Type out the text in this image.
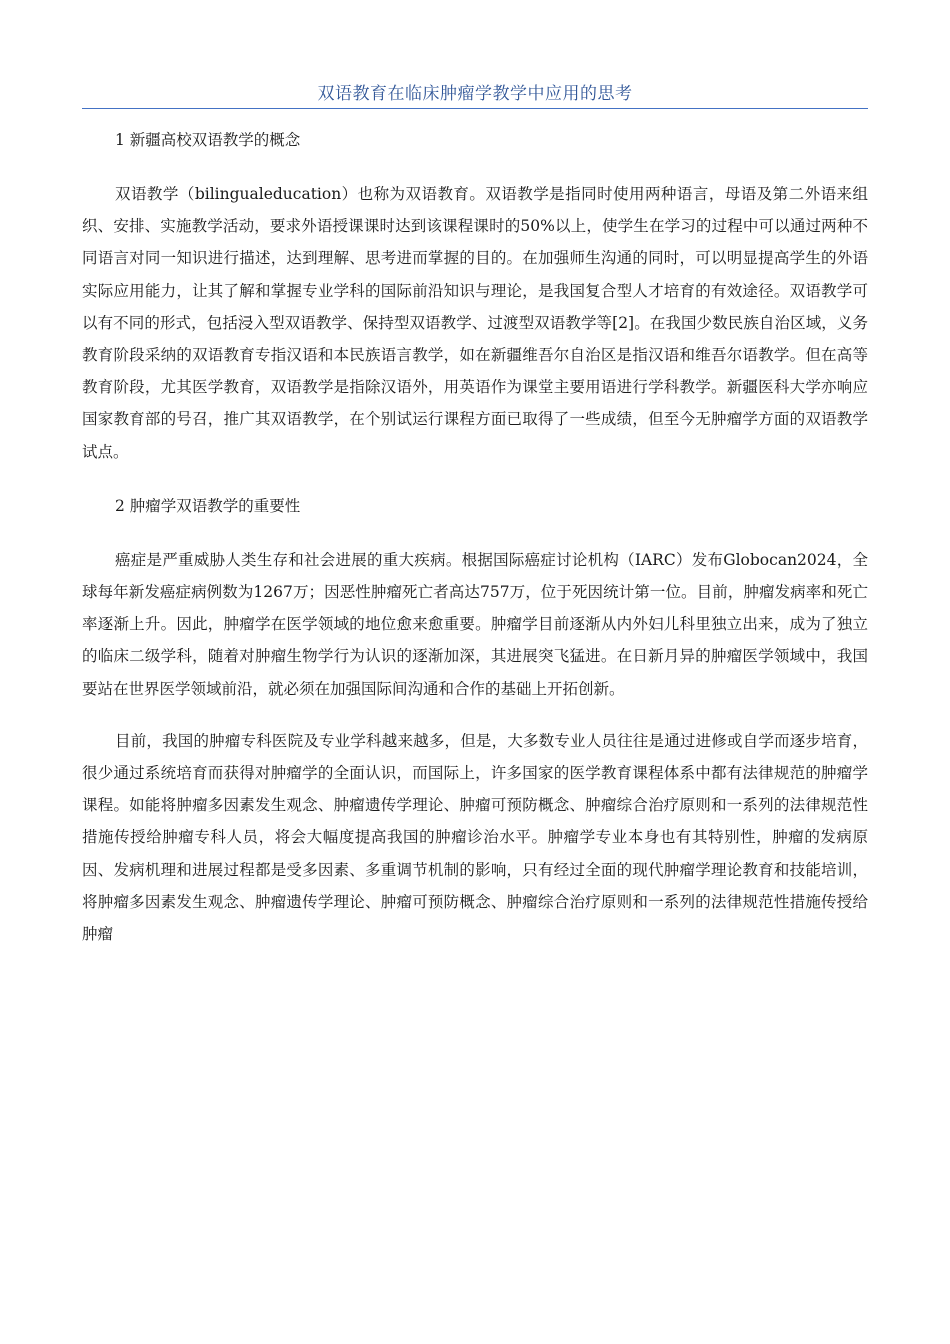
双语教育在临床肿瘤学教学中应用的思考
1 新疆高校双语教学的概念

双语教学（bilingualeducation）也称为双语教育。双语教学是指同时使用两种语言，母语及第二外语来组织、安排、实施教学活动，要求外语授课课时达到该课程课时的50%以上，使学生在学习的过程中可以通过两种不同语言对同一知识进行描述，达到理解、思考进而掌握的目的。在加强师生沟通的同时，可以明显提高学生的外语实际应用能力，让其了解和掌握专业学科的国际前沿知识与理论，是我国复合型人才培育的有效途径。双语教学可以有不同的形式，包括浸入型双语教学、保持型双语教学、过渡型双语教学等[2]。在我国少数民族自治区域，义务教育阶段采纳的双语教育专指汉语和本民族语言教学，如在新疆维吾尔自治区是指汉语和维吾尔语教学。但在高等教育阶段，尤其医学教育，双语教学是指除汉语外，用英语作为课堂主要用语进行学科教学。新疆医科大学亦响应国家教育部的号召，推广其双语教学，在个别试运行课程方面已取得了一些成绩，但至今无肿瘤学方面的双语教学试点。

2 肿瘤学双语教学的重要性

癌症是严重威胁人类生存和社会进展的重大疾病。根据国际癌症讨论机构（IARC）发布Globocan2024，全球每年新发癌症病例数为1267万；因恶性肿瘤死亡者高达757万，位于死因统计第一位。目前，肿瘤发病率和死亡率逐渐上升。因此，肿瘤学在医学领域的地位愈来愈重要。肿瘤学目前逐渐从内外妇儿科里独立出来，成为了独立的临床二级学科，随着对肿瘤生物学行为认识的逐渐加深，其进展突飞猛进。在日新月异的肿瘤医学领域中，我国要站在世界医学领域前沿，就必须在加强国际间沟通和合作的基础上开拓创新。

目前，我国的肿瘤专科医院及专业学科越来越多，但是，大多数专业人员往往是通过进修或自学而逐步培育，很少通过系统培育而获得对肿瘤学的全面认识，而国际上，许多国家的医学教育课程体系中都有法律规范的肿瘤学课程。如能将肿瘤多因素发生观念、肿瘤遗传学理论、肿瘤可预防概念、肿瘤综合治疗原则和一系列的法律规范性措施传授给肿瘤专科人员，将会大幅度提高我国的肿瘤诊治水平。肿瘤学专业本身也有其特别性，肿瘤的发病原因、发病机理和进展过程都是受多因素、多重调节机制的影响，只有经过全面的现代肿瘤学理论教育和技能培训，将肿瘤多因素发生观念、肿瘤遗传学理论、肿瘤可预防概念、肿瘤综合治疗原则和一系列的法律规范性措施传授给肿瘤
